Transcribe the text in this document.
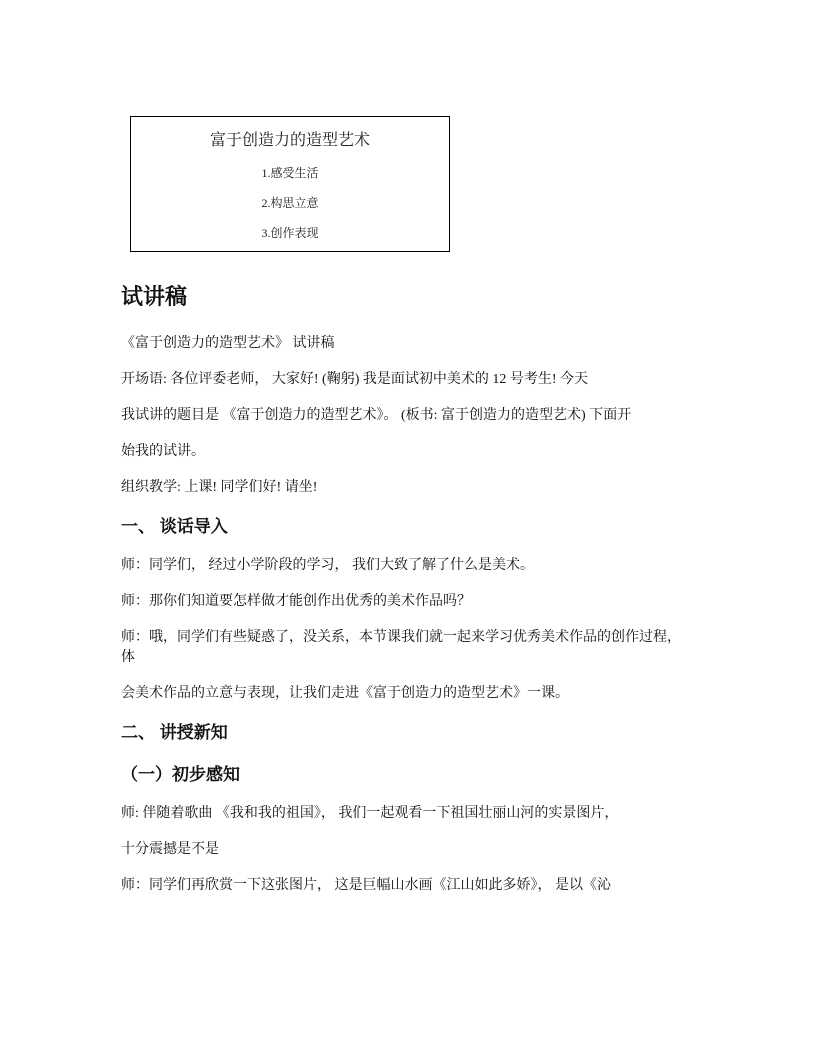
富于创造力的造型艺术
1.感受生活
2.构思立意
3.创作表现
试讲稿
《富于创造力的造型艺术》 试讲稿
开场语: 各位评委老师， 大家好! (鞠躬) 我是面试初中美术的 12 号考生! 今天
我试讲的题目是 《富于创造力的造型艺术》。 (板书: 富于创造力的造型艺术) 下面开
始我的试讲。
组织教学: 上课! 同学们好! 请坐!
一、 谈话导入
师：同学们， 经过小学阶段的学习， 我们大致了解了什么是美术。
师：那你们知道要怎样做才能创作出优秀的美术作品吗？
师：哦，同学们有些疑惑了，没关系，本节课我们就一起来学习优秀美术作品的创作过程， 体
会美术作品的立意与表现，让我们走进《富于创造力的造型艺术》一课。
二、 讲授新知
（一）初步感知
师: 伴随着歌曲 《我和我的祖国》， 我们一起观看一下祖国壮丽山河的实景图片，
十分震撼是不是
师：同学们再欣赏一下这张图片， 这是巨幅山水画《江山如此多娇》， 是以《沁
